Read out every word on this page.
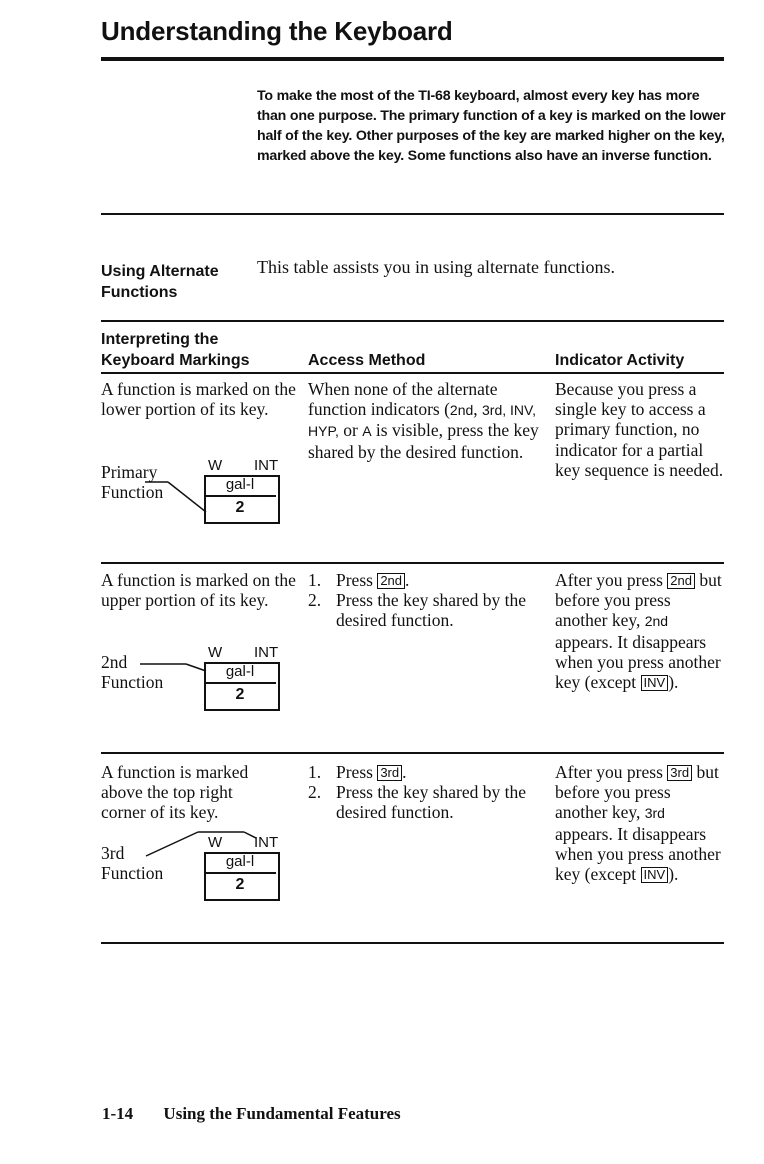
Understanding the Keyboard
To make the most of the TI-68 keyboard, almost every key has more than one purpose. The primary function of a key is marked on the lower half of the key. Other purposes of the key are marked higher on the key, marked above the key. Some functions also have an inverse function.
Using Alternate
Functions
This table assists you in using alternate functions.
Interpreting the
Keyboard Markings	Access Method	Indicator Activity
A function is marked on the lower portion of its key.
When none of the alternate function indicators (2nd, 3rd, INV, HYP, or A is visible, press the key shared by the desired function.
Because you press a single key to access a primary function, no indicator for a partial key sequence is needed.
Primary
Function
W INT
gal-l
2
A function is marked on the upper portion of its key.
1. Press 2nd .
2. Press the key shared by the desired function.
After you press 2nd but before you press another key, 2nd appears. It disappears when you press another key (except INV ).
2nd
Function
W INT
gal-l
2
A function is marked above the top right corner of its key.
1. Press 3rd .
2. Press the key shared by the desired function.
After you press 3rd but before you press another key, 3rd appears. It disappears when you press another key (except INV ).
3rd
Function
W INT
gal-l
2
1-14 Using the Fundamental Features
